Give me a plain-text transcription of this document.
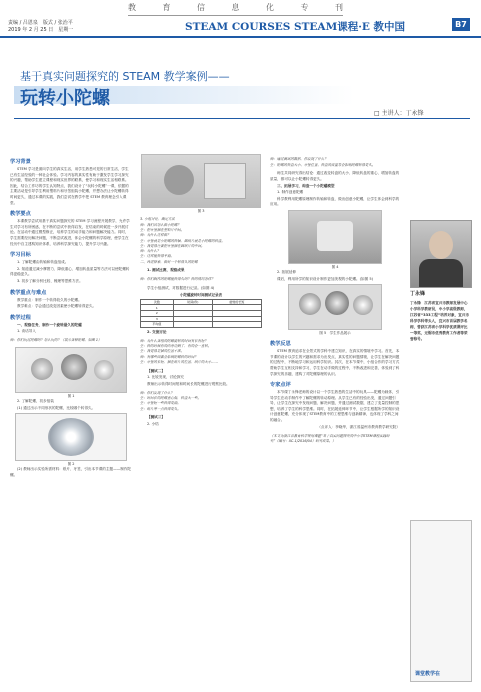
教	育	信	息	化	专	刊
责编 / 吕恩泉　版式 / 张治平
2019 年 2 月 25 日　星期一	STEAM COURSES STEAM课程·E 教中国	B7
基于真实问题探究的 STEAM 教学案例——
玩转小陀螺
□ 主讲人：丁永锋
学习背景

STEM 学习是面向学生的真实生活，用学生熟悉可见的日常生活，学生已有生活经验的一种社会体验。学习内容的真实性有助于激发学生学习探究的兴趣，帮助学生建立课程和现实世界的联系，使学习和现实生活相联系。因此，结合工作坊的学生认知特点，我们设计了“玩转小陀螺”一课，依据的主要活动是引导学生利用塑料片和牙签组装小陀螺，并想办法让小陀螺转得时间更久，通过本课的实践，我们尝试在教学中把 STEM 教育理念引入课堂。

教学要点

本课教学尝试用基于真实问题探究的 STEM 学习流程开展教学，允许学生对学习有所困惑，在不断的尝试中获得启发，在结束的时候进一步开展讨论。在活动中通过模型修正，培养学生的动手能力和问题解决能力。同时，学生需要经历解决问题，不断尝试改进，体会小陀螺的科学原理，使学生在经历中自主建构知识体系，培养科学探究能力，提升学习兴趣。

学习目标

1. 了解陀螺由转轴和转盘组成。

2. 知道通过减小摩擦力、降低重心、增加转盘质量等方法可以使陀螺转得更稳更久。

3. 初步了解分析比较、梳理等思维方法。

教学重点与难点

教学重点：制作一个转得较久的小陀螺。

教学难点：学会通过改变因素使小陀螺转得更久。

教学过程

一、观察任务，制作一个旋转最久的陀螺

1. 谈话导入

师：你们玩过陀螺吗？怎么玩的？（展示各种陀螺，如图 1）

图 1

2. 了解陀螺，初步组装

(1) 通过出示不同形状的陀螺，比较哪个转得久。

图 2

(2) 教师出示实验所需材料：纸片、牙签，引出本节课的主题——制作陀螺。

图 3

3. 小组讨论，确定方法
师：我们该怎么做小陀螺？
生：把牙签插在塑料片中间。
师：为什么这样做？
生：牙签就是小陀螺的转轴，圆纸片就是小陀螺的转盘。
生：我觉得还要把牙签插在圆纸片的中间。
师：为什么？
生：这样能转得平稳。
二、改进探索，做好一个转得久的陀螺

1. 测试比赛，观察成果

师：你们制作的陀螺能转得久吗？转的情况怎样？

学生小组测试，对数据进行记录。(如图 4)

小陀螺旋转时间测试记录表
次数	时间(秒)	旋转的长短
1		
2		
3		
平均值		

2. 交流讨论

师：为什么各组的陀螺旋转的时间有长有短？
生：转的时候有的向旁边倒了，有的会一直转。
生：我觉得是插的位置不准。
师：有哪些因素会影响陀螺转的时间？
生：牙签的长短，插在纸片的位置，纸片的大小……

【测试二】

1. 比较发现，讨论探究

教师出示转得时间短和时间长的陀螺进行观察比较。

师：你们发现了什么？
生：时间长的陀螺重心低，转盘大一些。
生：牙签短一些转得更稳。
生：纸片厚一点转得更久。

【测试三】

2. 小结

师：通过测试的数据，你发现了什么？
生：陀螺的转盘大小、牙签位置、转盘的质量等会影响陀螺转得更久。

师生共同研究得出结论：通过改变转盘的大小、降低转盘的重心、增加转盘的质量，都可以让小陀螺转得更久。

三、拓展学习，构造一个小陀螺模型

1. 制作创意陀螺

科学教利用陀螺原理制作转轴和转盘，做出创意小陀螺，让学生体会到科学的应用。

图 4

2. 拓展延伸

课后，利用所学的知识设计制作更加美观的小陀螺。(如图 5)

图 5　学生作品展示
教学反思

STEM 教育追求在全景式的学科中建立知识，在真实的情境中学习。首先，本节课的设计以学生的兴趣和需求为出发点，真实性的问题情境，让学生在解决问题的过程中，不断地学习和运用科学知识。其次，在本节课中，小组合作的学习方式帮助学生互相支持和学习，学生在动手做的过程中，不断改进和完善，体验到了科学探究的乐趣，建构了对陀螺原理的认识。

专家点评

本节课丁永锋老师的设计以一个学生熟悉的生活中的玩具——陀螺为载体，引导学生在动手制作中了解陀螺的转动原理。从学生已有的经验出发，通过问题引导，让学生在探究中发现问题、解决问题，并通过测试数据，建立了变量控制的思想，培养了学生的科学思维。同时，在拓展延伸环节中，让学生根据所学的知识设计创意陀螺，充分体现了STEM教育中的工程思维与创新精神，也体现了学科之间的融合。

（点评人：李晓华，浙江省温州市教育教学研究院）

（本文为浙江省教育科学规划课题“基于真实问题探究的中小学STEM课程实践研究”（编号：XC-1/2016/04）研究成果。）

丁永锋
丁永锋　江苏省宜兴市教师发展中心小学科学教研员，中小学高级教师，江苏省“333工程”培养对象，宜兴市科学学科带头人，宜兴市首届教学名师，曾获江苏省小学科学优质课评比一等奖，无锡市优秀教育工作者等荣誉称号。
课堂教学在
